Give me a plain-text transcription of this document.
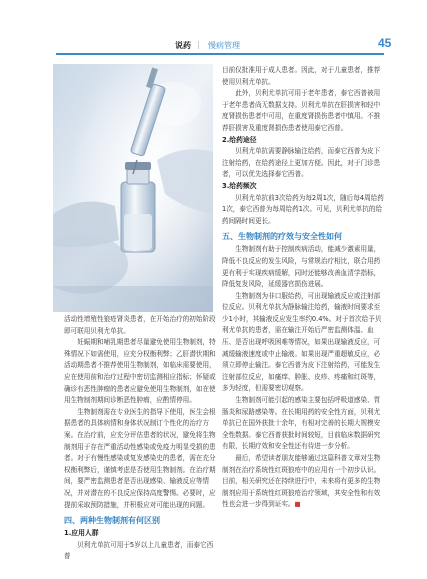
说药 | 慢病管理	45

活动性增殖性狼疮肾炎患者，在开始治疗的初始阶段即可联用贝利尤单抗。

妊娠期和哺乳期患者尽量避免使用生物制剂，特殊情况下如需使用，应充分权衡利弊；乙肝潜伏期和活动期患者不推荐使用生物制剂，如临床需要使用，应在使用前和治疗过程中密切监测相应指标；怀疑或确诊有恶性肿瘤的患者应避免使用生物制剂，如在使用生物制剂期间诊断恶性肿瘤，应酌情停用。

生物制剂需在专业医生的指导下使用，医生会根据患者的具体病情和身体状况制订个性化的治疗方案。在治疗前，应充分评估患者的状况，避免将生物制剂用于存在严重活动性感染或免疫力明显受损的患者。对于有慢性感染或复发感染史的患者，需在充分权衡利弊后，谨慎考虑是否使用生物制剂。在治疗期间，要严密监测患者是否出现感染、输液反应等情况，并对潜在的不良反应保持高度警惕。必要时，应提前采取预防措施，并积极应对可能出现的问题。

四、两种生物制剂有何区别
1.应用人群

贝利尤单抗可用于5岁以上儿童患者，而泰它西普

目前仅批准用于成人患者。因此，对于儿童患者，推荐使用贝利尤单抗。

此外，贝利尤单抗可用于老年患者，泰它西普被用于老年患者尚无数据支持。贝利尤单抗在肝损害和轻中度肾损伤患者中可用，在重度肾损伤患者中慎用。不推荐肝损害及重度肾损伤患者使用泰它西普。

2.给药途径

贝利尤单抗需要静脉输注给药，而泰它西普为皮下注射给药，在给药途径上更加方便。因此，对于门诊患者，可以优先选择泰它西普。

3.给药频次

贝利尤单抗前3次给药为每2周1次，随后每4周给药1次，泰它西普为每周给药1次。可见，贝利尤单抗的给药间隔时间更长。

五、生物制剂的疗效与安全性如何

生物制剂有助于控制疾病活动，能减少激素用量，降低不良反应的发生风险，与常规治疗相比，联合用药更有利于实现疾病缓解，同时还能够改善血清学指标，降低复发风险，延缓器官损伤进展。

生物制剂为非口服给药，可出现输液反应或注射部位反应。贝利尤单抗为静脉输注给药，输液时间要求至少1小时，其输液反应发生率约0.4%。对于首次给予贝利尤单抗的患者，需在输注开始后严密监测体温、血压、是否出现呼吸困难等情况，如果出现输液反应，可减缓输液速度或中止输液。如果出现严重超敏反应，必须立即停止输注。泰它西普为皮下注射给药，可能发生注射部位反应，如瘙痒、肿胀、皮疹、疼痛和红斑等，多为轻度，但需要密切观察。

生物制剂可能引起的感染主要包括呼吸道感染、胃肠炎和尿路感染等。在长期用药的安全性方面，贝利尤单抗已在国外获批十余年，有相对完善的长期大规模安全性数据。泰它西普获批时间较短，目前临床数据研究有限，长期疗效和安全性还有待进一步分析。

最后，希望读者朋友能够通过这篇科普文章对生物制剂在治疗系统性红斑狼疮中的应用有一个初步认识。目前，相关研究还在持续进行中，未来将有更多的生物制剂应用于系统性红斑狼疮治疗领域，其安全性和有效性也会进一步得到证实。■
